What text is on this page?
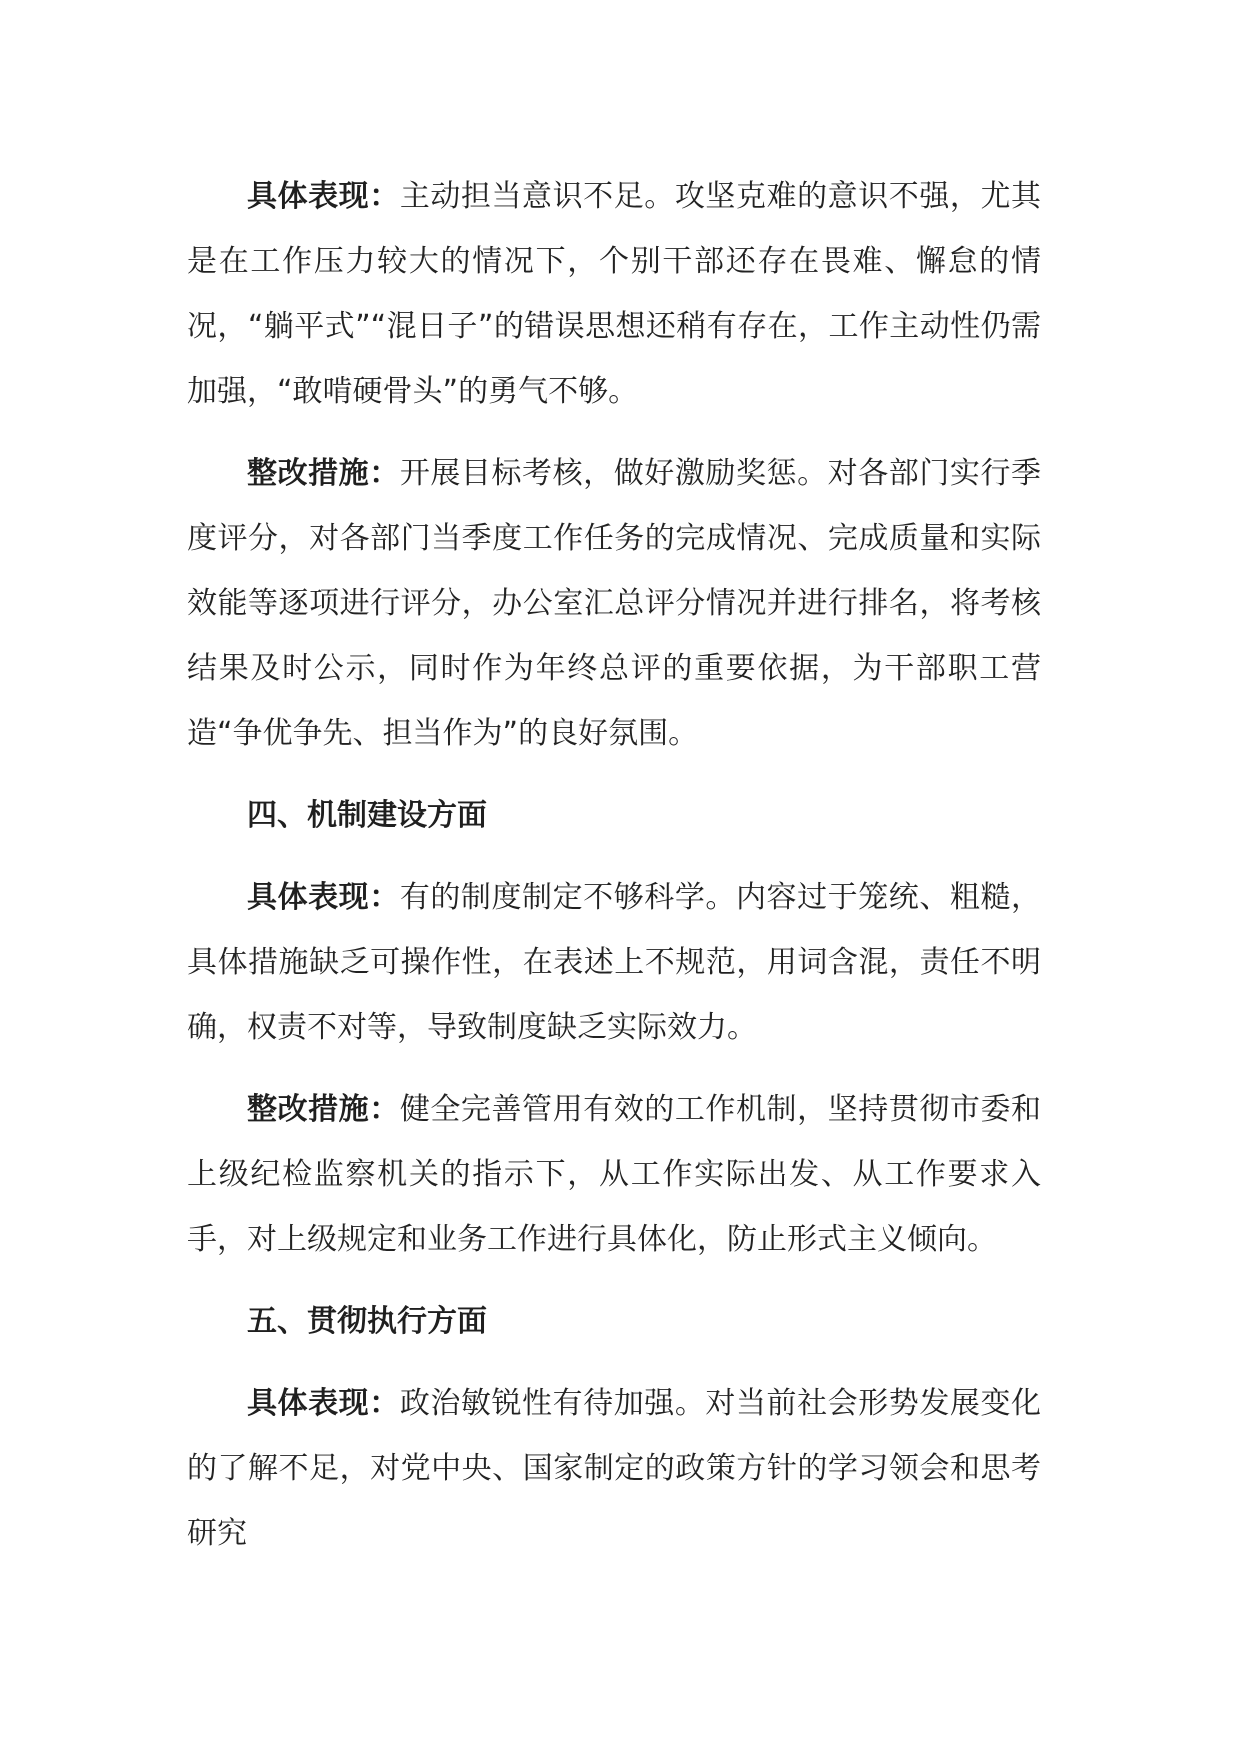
具体表现：主动担当意识不足。攻坚克难的意识不强，尤其是在工作压力较大的情况下，个别干部还存在畏难、懈怠的情况，“躺平式”“混日子”的错误思想还稍有存在，工作主动性仍需加强，“敢啃硬骨头”的勇气不够。

整改措施：开展目标考核，做好激励奖惩。对各部门实行季度评分，对各部门当季度工作任务的完成情况、完成质量和实际效能等逐项进行评分，办公室汇总评分情况并进行排名，将考核结果及时公示，同时作为年终总评的重要依据，为干部职工营造“争优争先、担当作为”的良好氛围。

四、机制建设方面

具体表现：有的制度制定不够科学。内容过于笼统、粗糙，具体措施缺乏可操作性，在表述上不规范，用词含混，责任不明确，权责不对等，导致制度缺乏实际效力。

整改措施：健全完善管用有效的工作机制，坚持贯彻市委和上级纪检监察机关的指示下，从工作实际出发、从工作要求入手，对上级规定和业务工作进行具体化，防止形式主义倾向。

五、贯彻执行方面

具体表现：政治敏锐性有待加强。对当前社会形势发展变化的了解不足，对党中央、国家制定的政策方针的学习领会和思考研究
